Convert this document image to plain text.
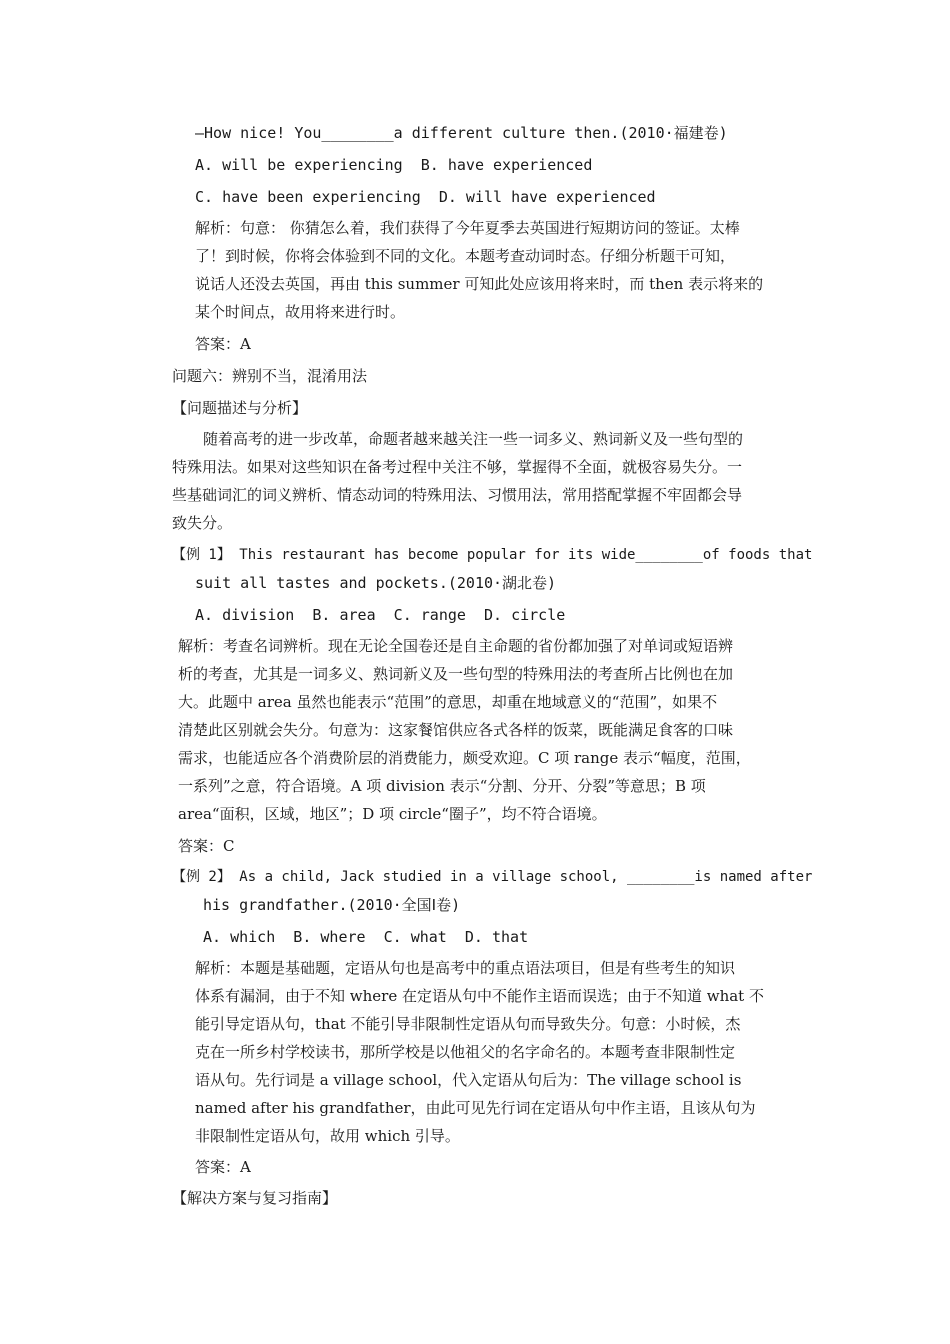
—How nice! You________a different culture then.(2010·福建卷)
A. will be experiencing  B. have experienced
C. have been experiencing  D. will have experienced
解析：句意： 你猜怎么着，我们获得了今年夏季去英国进行短期访问的签证。太棒
了！到时候，你将会体验到不同的文化。本题考查动词时态。仔细分析题干可知，
说话人还没去英国，再由 this summer 可知此处应该用将来时，而 then 表示将来的
某个时间点，故用将来进行时。
答案：A
问题六：辨别不当，混淆用法
【问题描述与分析】
随着高考的进一步改革，命题者越来越关注一些一词多义、熟词新义及一些句型的
特殊用法。如果对这些知识在备考过程中关注不够，掌握得不全面，就极容易失分。一
些基础词汇的词义辨析、情态动词的特殊用法、习惯用法，常用搭配掌握不牢固都会导
致失分。
【例 1】 This restaurant has become popular for its wide________of foods that
suit all tastes and pockets.(2010·湖北卷)
A. division  B. area  C. range  D. circle
解析：考查名词辨析。现在无论全国卷还是自主命题的省份都加强了对单词或短语辨
析的考查，尤其是一词多义、熟词新义及一些句型的特殊用法的考查所占比例也在加
大。此题中 area 虽然也能表示“范围”的意思，却重在地域意义的“范围”，如果不
清楚此区别就会失分。句意为：这家餐馆供应各式各样的饭菜，既能满足食客的口味
需求，也能适应各个消费阶层的消费能力，颇受欢迎。C 项 range 表示“幅度，范围，
一系列”之意，符合语境。A 项 division 表示“分割、分开、分裂”等意思；B 项
area“面积，区域，地区”；D 项 circle“圈子”，均不符合语境。
答案：C
【例 2】 As a child, Jack studied in a village school, ________is named after
his grandfather.(2010·全国Ⅰ卷)
A. which  B. where  C. what  D. that
解析：本题是基础题，定语从句也是高考中的重点语法项目，但是有些考生的知识
体系有漏洞，由于不知 where 在定语从句中不能作主语而误选；由于不知道 what 不
能引导定语从句，that 不能引导非限制性定语从句而导致失分。句意：小时候，杰
克在一所乡村学校读书，那所学校是以他祖父的名字命名的。本题考查非限制性定
语从句。先行词是 a village school，代入定语从句后为：The village school is
named after his grandfather，由此可见先行词在定语从句中作主语，且该从句为
非限制性定语从句，故用 which 引导。
答案：A
【解决方案与复习指南】
